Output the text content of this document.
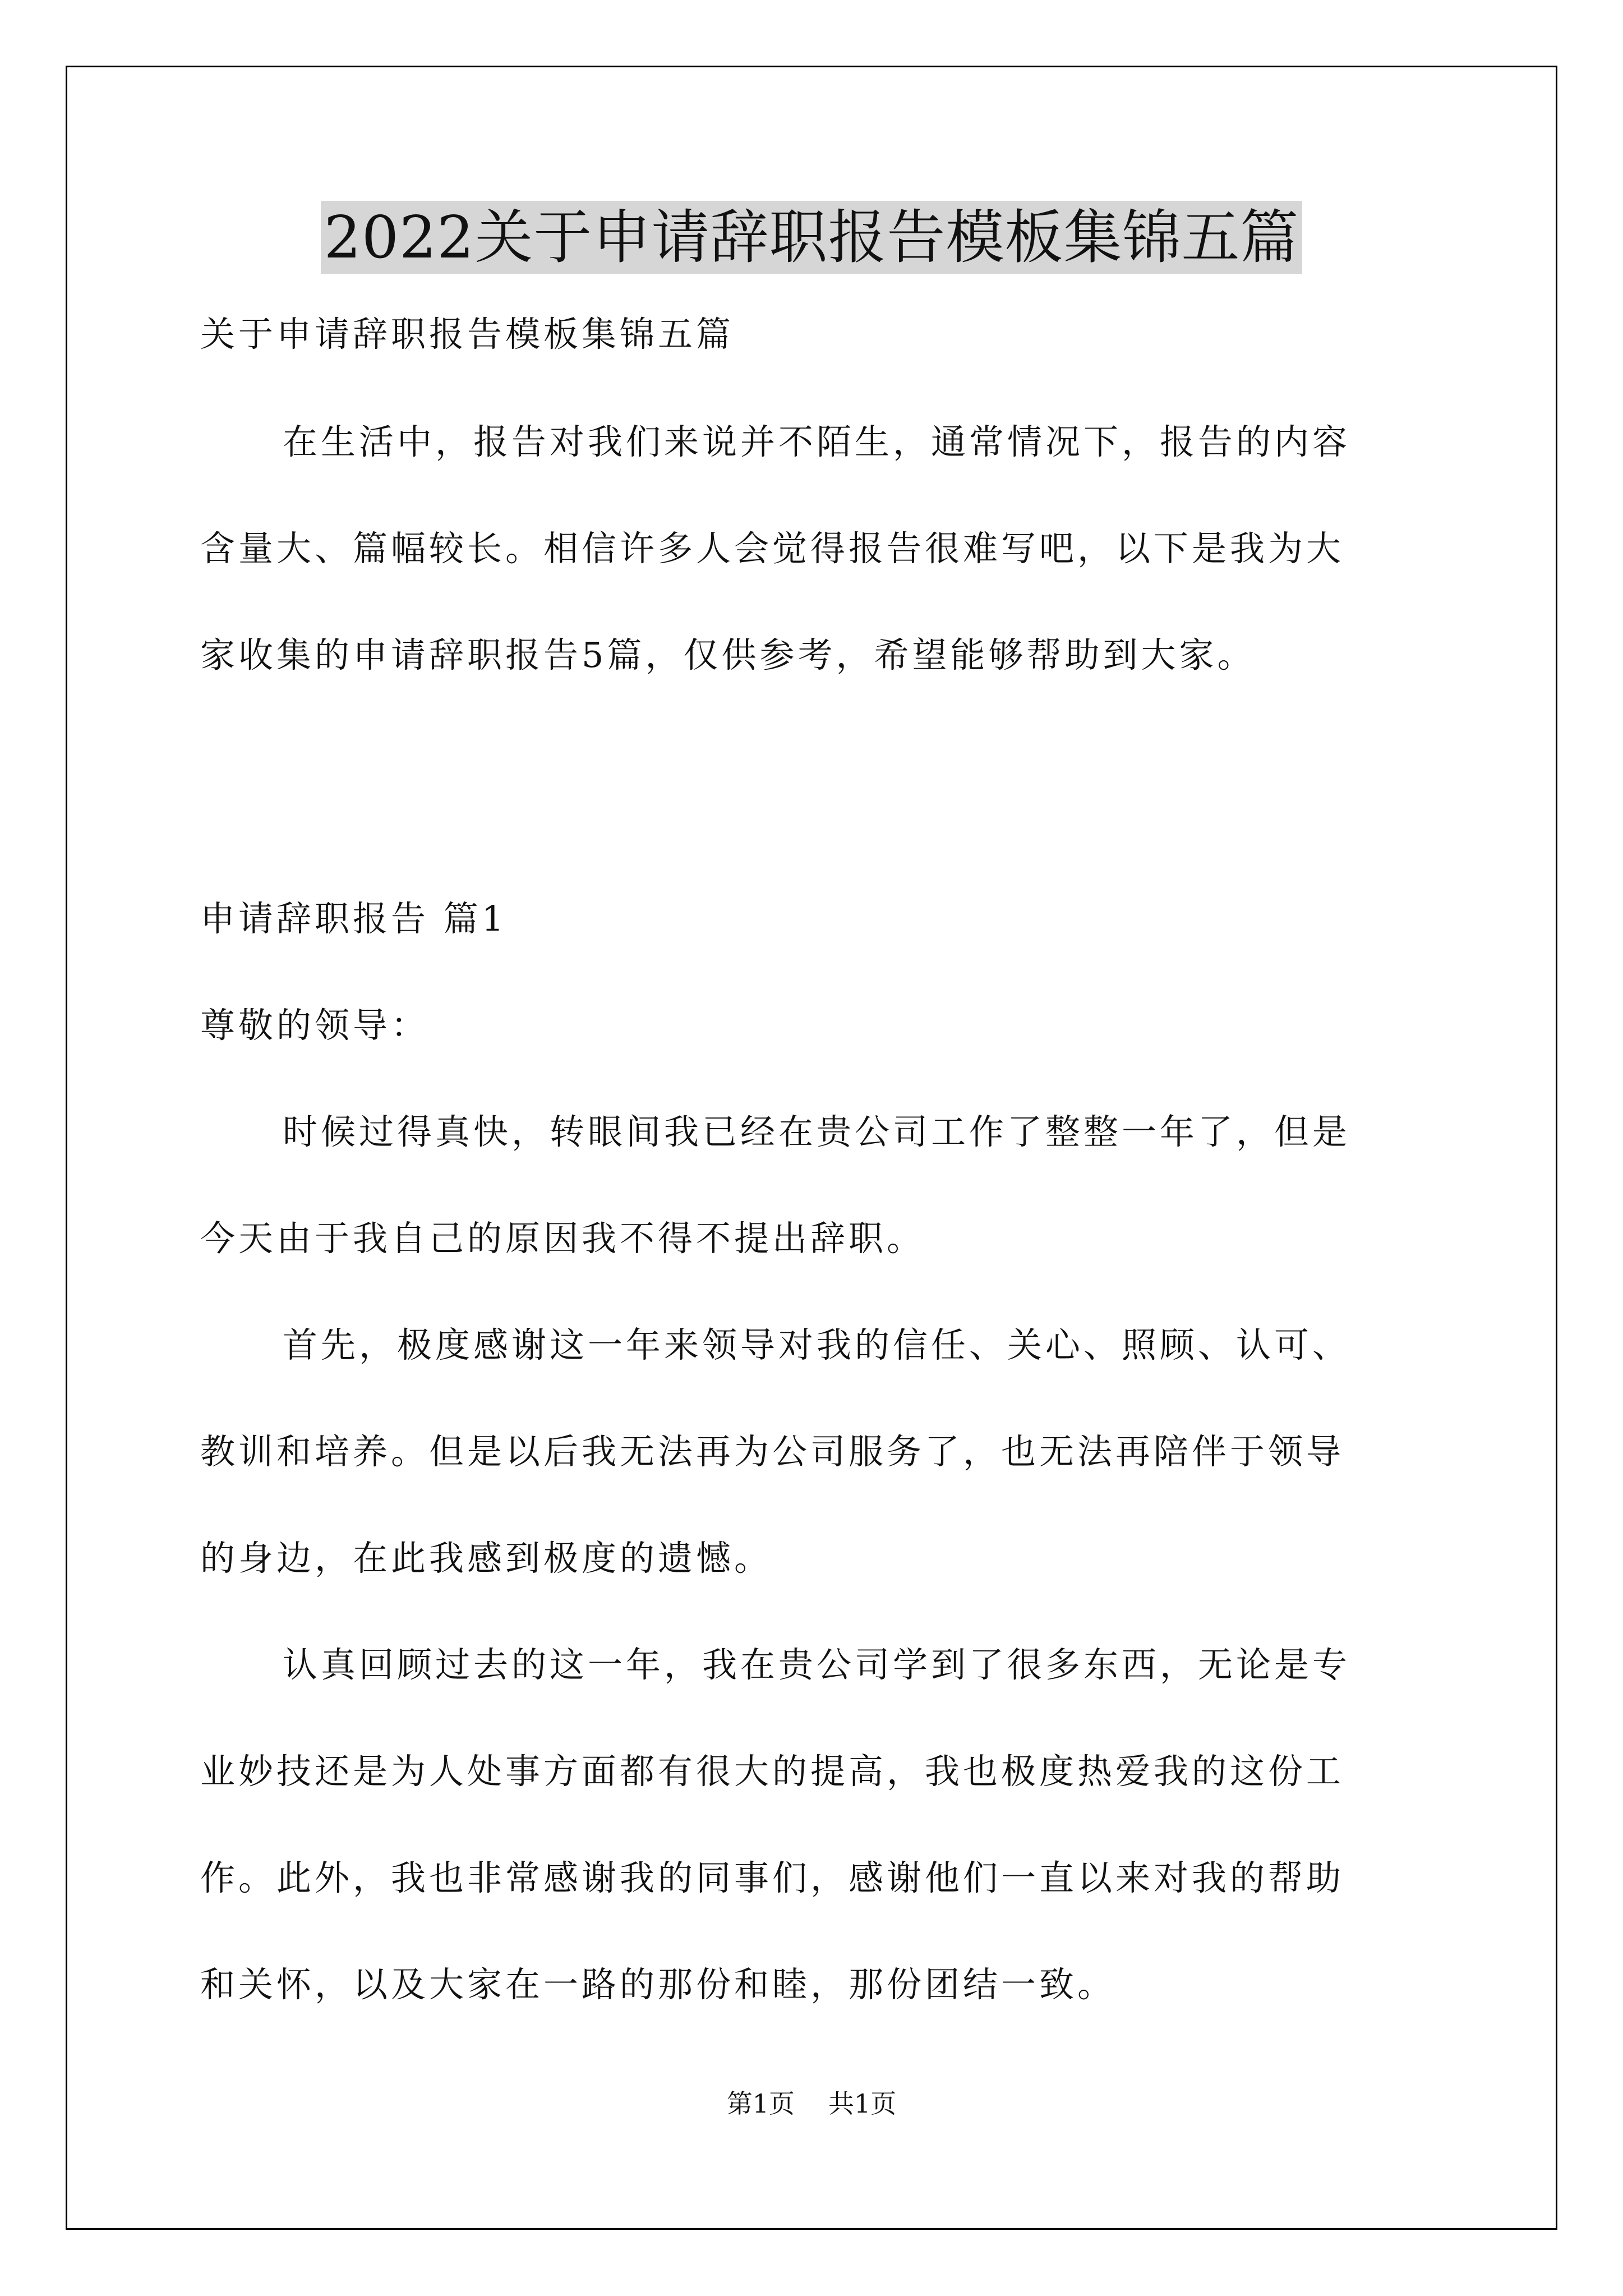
2022关于申请辞职报告模板集锦五篇
关于申请辞职报告模板集锦五篇
在生活中，报告对我们来说并不陌生，通常情况下，报告的内容
含量大、篇幅较长。相信许多人会觉得报告很难写吧，以下是我为大
家收集的申请辞职报告5篇，仅供参考，希望能够帮助到大家。
申请辞职报告 篇1
尊敬的领导：
时候过得真快，转眼间我已经在贵公司工作了整整一年了，但是
今天由于我自己的原因我不得不提出辞职。
首先，极度感谢这一年来领导对我的信任、关心、照顾、认可、
教训和培养。但是以后我无法再为公司服务了，也无法再陪伴于领导
的身边，在此我感到极度的遗憾。
认真回顾过去的这一年，我在贵公司学到了很多东西，无论是专
业妙技还是为人处事方面都有很大的提高，我也极度热爱我的这份工
作。此外，我也非常感谢我的同事们，感谢他们一直以来对我的帮助
和关怀，以及大家在一路的那份和睦，那份团结一致。
第1页 共1页
